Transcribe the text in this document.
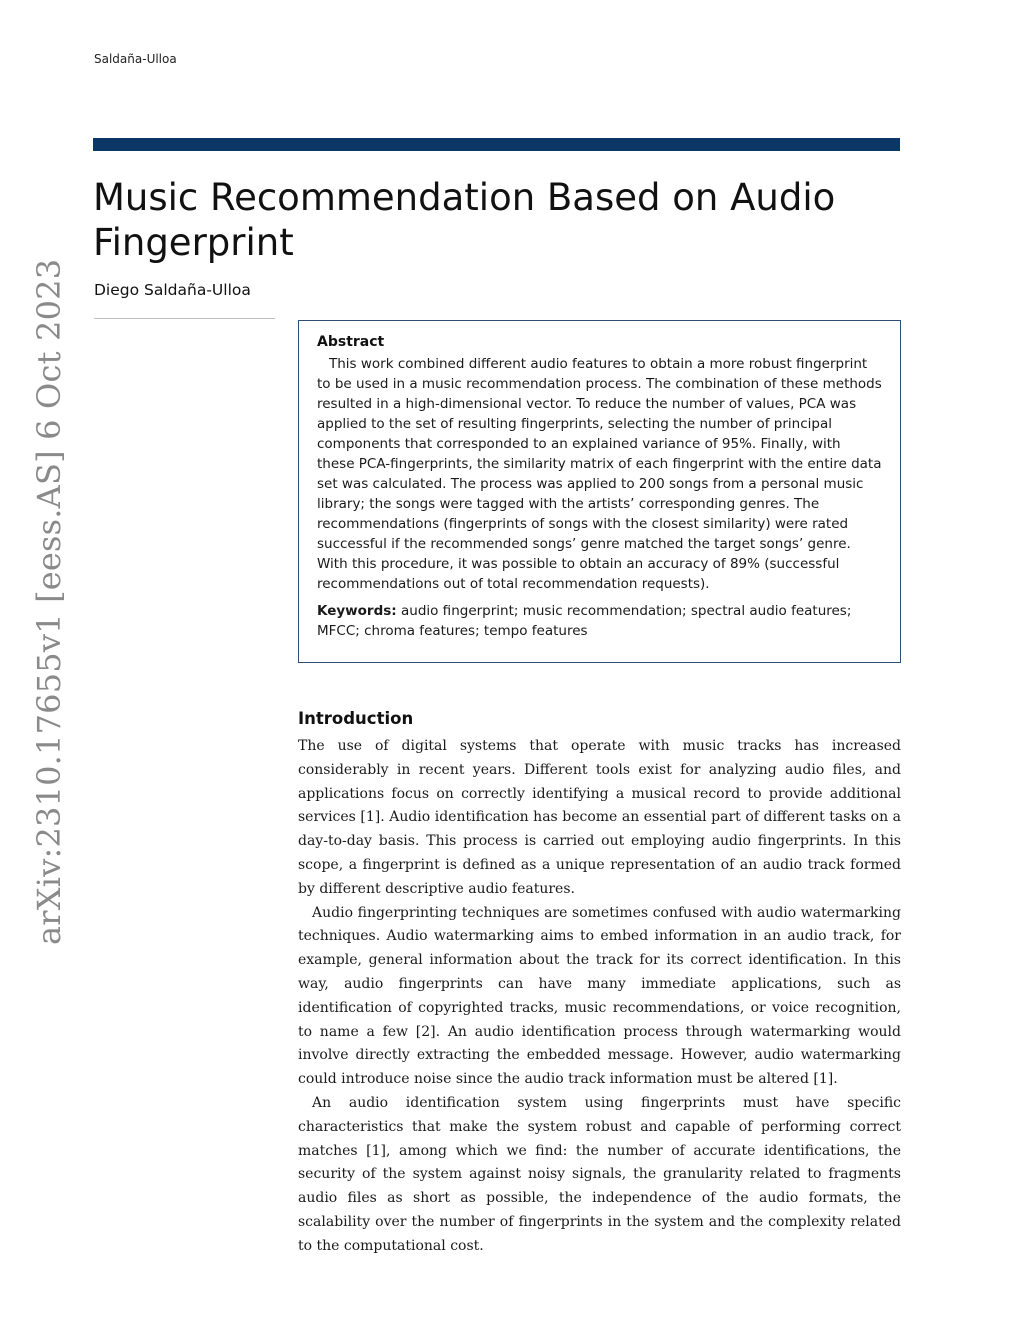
Saldaña-Ulloa
Music Recommendation Based on Audio Fingerprint
Diego Saldaña-Ulloa
arXiv:2310.17655v1 [eess.AS] 6 Oct 2023	Abstract

This work combined different audio features to obtain a more robust fingerprint to be used in a music recommendation process. The combination of these methods resulted in a high-dimensional vector. To reduce the number of values, PCA was applied to the set of resulting fingerprints, selecting the number of principal components that corresponded to an explained variance of 95%. Finally, with these PCA-fingerprints, the similarity matrix of each fingerprint with the entire data set was calculated. The process was applied to 200 songs from a personal music library; the songs were tagged with the artists’ corresponding genres. The recommendations (fingerprints of songs with the closest similarity) were rated successful if the recommended songs’ genre matched the target songs’ genre. With this procedure, it was possible to obtain an accuracy of 89% (successful recommendations out of total recommendation requests).

Keywords: audio fingerprint; music recommendation; spectral audio features; MFCC; chroma features; tempo features

Introduction

The use of digital systems that operate with music tracks has increased considerably in recent years. Different tools exist for analyzing audio files, and applications focus on correctly identifying a musical record to provide additional services [1]. Audio identification has become an essential part of different tasks on a day-to-day basis. This process is carried out employing audio fingerprints. In this scope, a fingerprint is defined as a unique representation of an audio track formed by different descriptive audio features.

Audio fingerprinting techniques are sometimes confused with audio watermarking techniques. Audio watermarking aims to embed information in an audio track, for example, general information about the track for its correct identification. In this way, audio fingerprints can have many immediate applications, such as identification of copyrighted tracks, music recommendations, or voice recognition, to name a few [2]. An audio identification process through watermarking would involve directly extracting the embedded message. However, audio watermarking could introduce noise since the audio track information must be altered [1].

An audio identification system using fingerprints must have specific characteristics that make the system robust and capable of performing correct matches [1], among which we find: the number of accurate identifications, the security of the system against noisy signals, the granularity related to fragments audio files as short as possible, the independence of the audio formats, the scalability over the number of fingerprints in the system and the complexity related to the computational cost.
